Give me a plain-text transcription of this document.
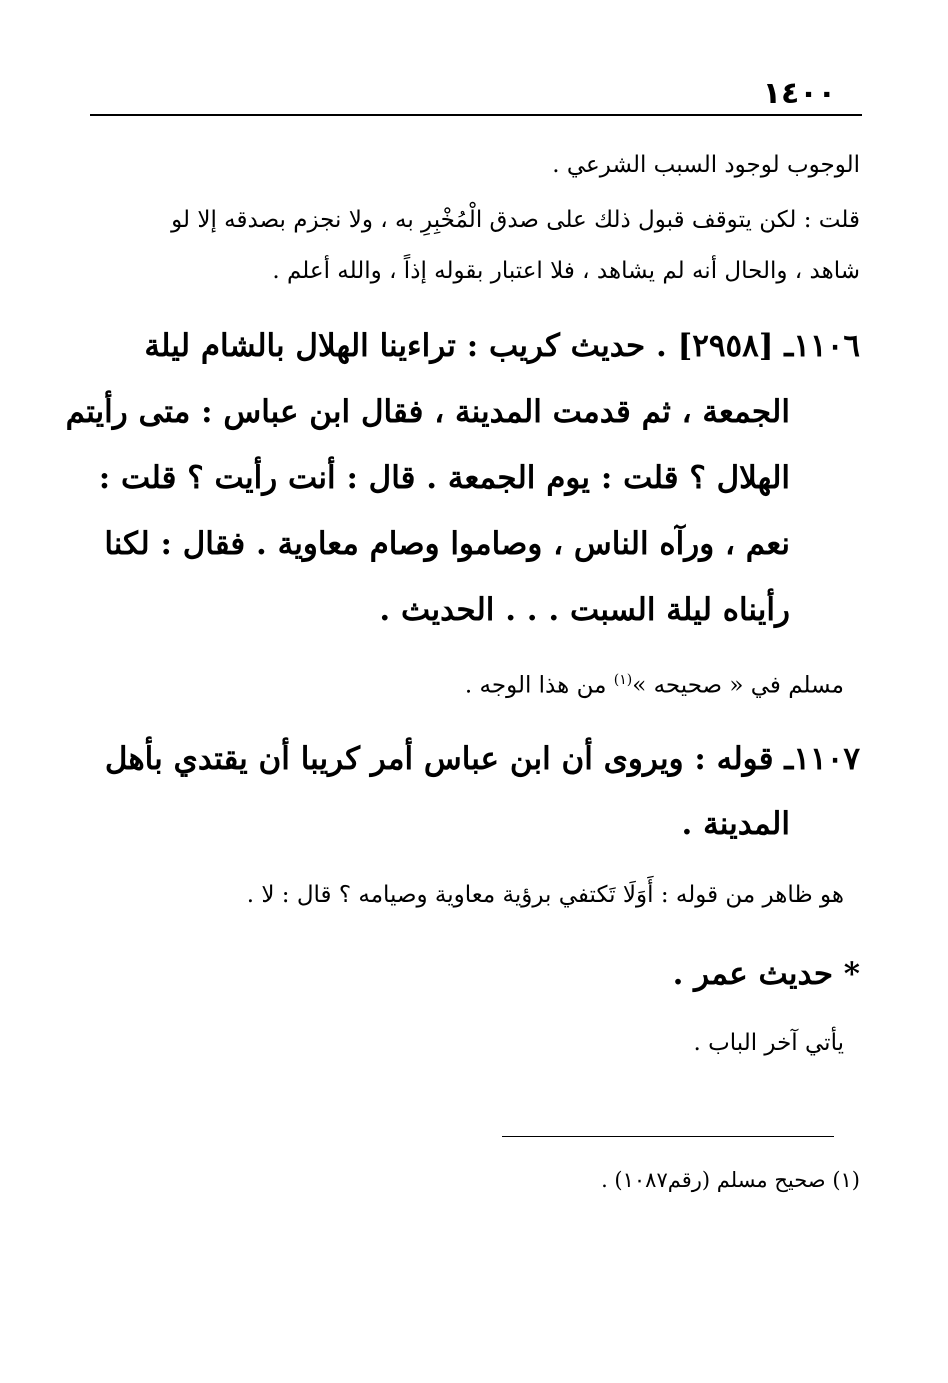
١٤٠٠
الوجوب لوجود السبب الشرعي .
قلت : لكن يتوقف قبول ذلك على صدق الْمُخْبِرِ به ، ولا نجزم بصدقه إلا لو
شاهد ، والحال أنه لم يشاهد ، فلا اعتبار بقوله إذاً ، والله أعلم .
١١٠٦ـ [٢٩٥٨] . حديث كريب : تراءينا الهلال بالشام ليلة
الجمعة ، ثم قدمت المدينة ، فقال ابن عباس : متى رأيتم
الهلال ؟ قلت : يوم الجمعة . قال : أنت رأيت ؟ قلت :
نعم ، ورآه الناس ، وصاموا وصام معاوية . فقال : لكنا
رأيناه ليلة السبت . . . الحديث .
مسلم في « صحيحه »$^{(١)}$ من هذا الوجه .
١١٠٧ـ قوله : ويروى أن ابن عباس أمر كريبا أن يقتدي بأهل
المدينة .
هو ظاهر من قوله : أَوَلَا تَكتفي برؤية معاوية وصيامه ؟ قال : لا .
* حديث عمر .
يأتي آخر الباب .
(١) صحيح مسلم (رقم١٠٨٧) .
